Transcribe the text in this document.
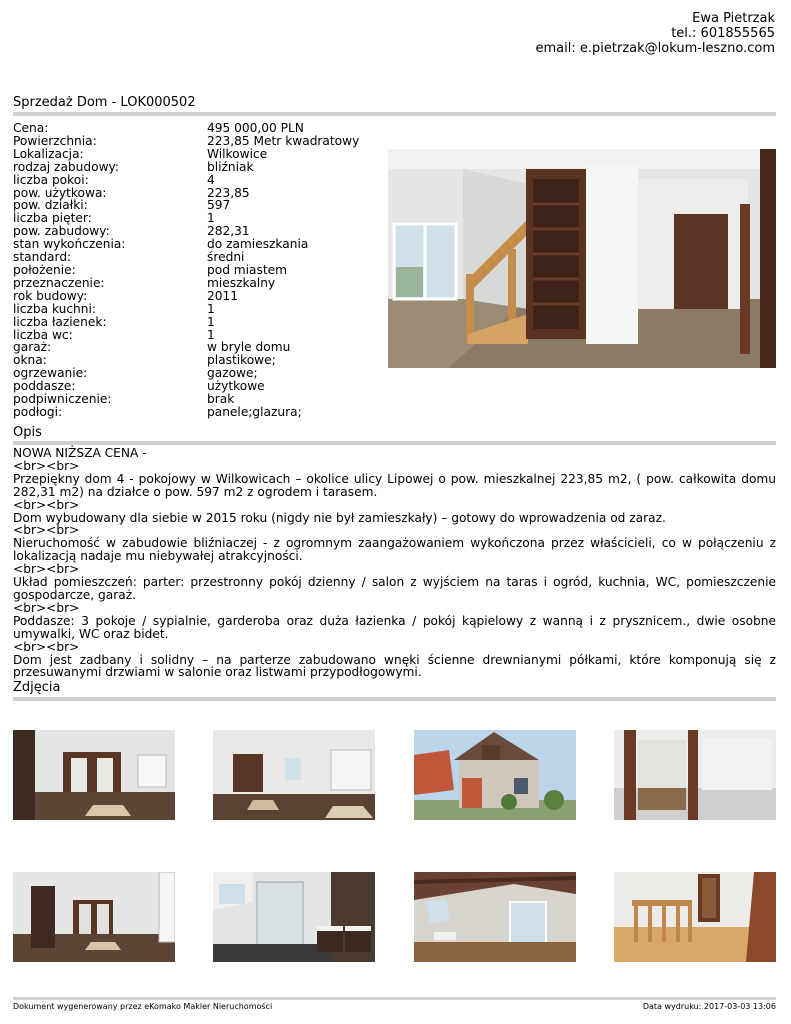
Ewa Pietrzak
tel.: 601855565
email: e.pietrzak@lokum-leszno.com
Sprzedaż Dom - LOK000502
Cena:	495 000,00 PLN
Powierzchnia:	223,85 Metr kwadratowy
Lokalizacja:	Wilkowice
rodzaj zabudowy:	bliźniak
liczba pokoi:	4
pow. użytkowa:	223,85
pow. działki:	597
liczba pięter:	1
pow. zabudowy:	282,31
stan wykończenia:	do zamieszkania
standard:	średni
położenie:	pod miastem
przeznaczenie:	mieszkalny
rok budowy:	2011
liczba kuchni:	1
liczba łazienek:	1
liczba wc:	1
garaż:	w bryle domu
okna:	plastikowe;
ogrzewanie:	gazowe;
poddasze:	użytkowe
podpiwniczenie:	brak
podłogi:	panele;glazura;
Opis

NOWA NIŻSZA CENA -

<br><br>

Przepiękny dom 4 - pokojowy w Wilkowicach – okolice ulicy Lipowej o pow. mieszkalnej 223,85 m2, ( pow. całkowita domu 282,31 m2) na działce o pow. 597 m2 z ogrodem i tarasem.

<br><br>

Dom wybudowany dla siebie w 2015 roku (nigdy nie był zamieszkały) – gotowy do wprowadzenia od zaraz.

<br><br>

Nieruchomość w zabudowie bliźniaczej - z ogromnym zaangażowaniem wykończona przez właścicieli, co w połączeniu z lokalizacją nadaje mu niebywałej atrakcyjności.

<br><br>

Układ pomieszczeń: parter: przestronny pokój dzienny / salon z wyjściem na taras i ogród, kuchnia, WC, pomieszczenie gospodarcze, garaż.

<br><br>

Poddasze: 3 pokoje / sypialnie, garderoba oraz duża łazienka / pokój kąpielowy z wanną i z prysznicem., dwie osobne umywalki, WC oraz bidet.

<br><br>

Dom jest zadbany i solidny – na parterze zabudowano wnęki ścienne drewnianymi półkami, które komponują się z przesuwanymi drzwiami w salonie oraz listwami przypodłogowymi.

Zdjęcia
Dokument wygenerowany przez eKomako Makler Nieruchomości	Data wydruku: 2017-03-03 13:06
